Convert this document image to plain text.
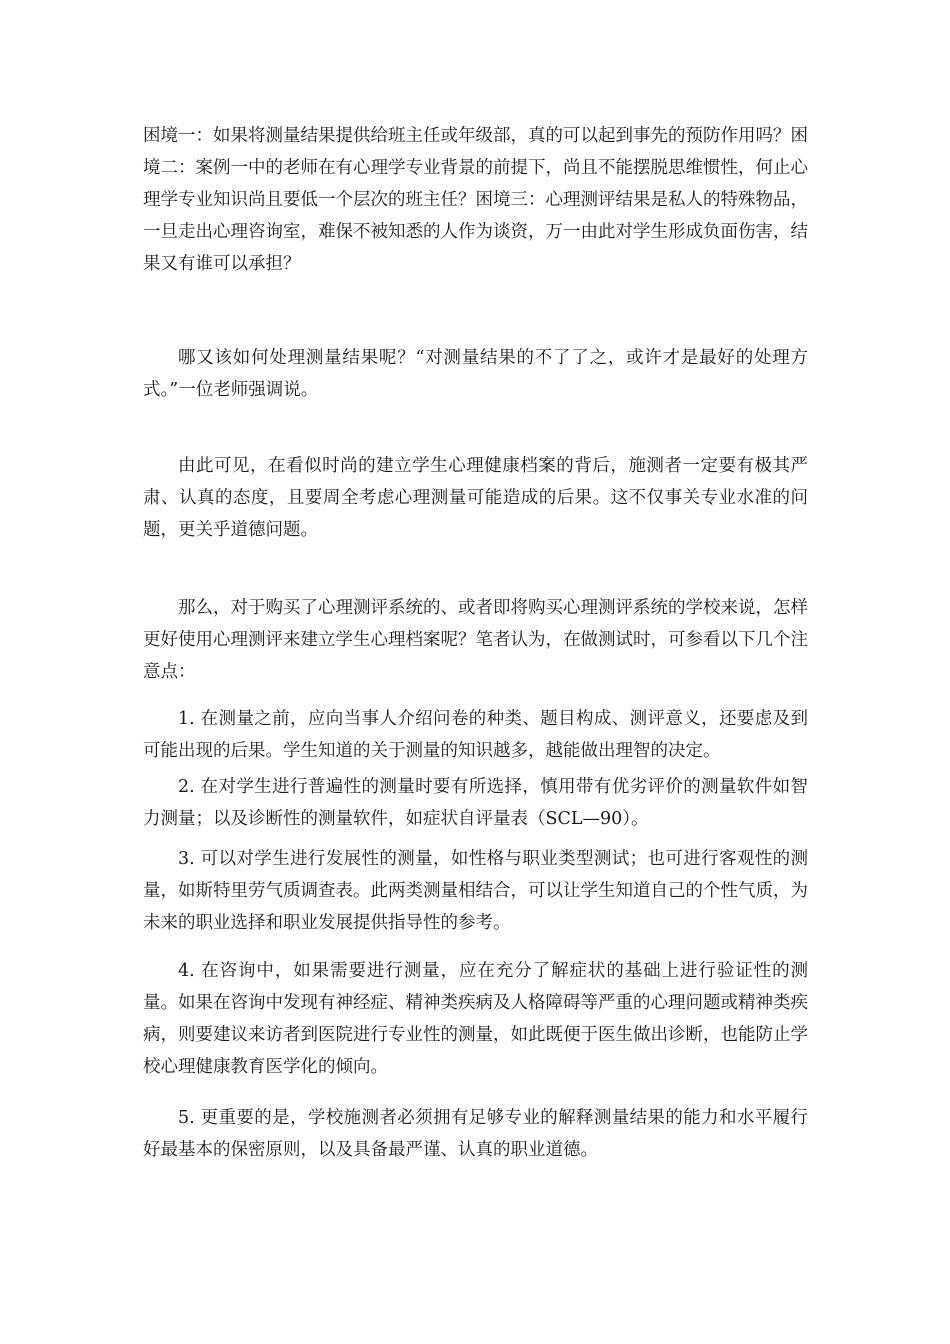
困境一：如果将测量结果提供给班主任或年级部，真的可以起到事先的预防作用吗？困境二：案例一中的老师在有心理学专业背景的前提下，尚且不能摆脱思维惯性，何止心理学专业知识尚且要低一个层次的班主任？困境三：心理测评结果是私人的特殊物品，一旦走出心理咨询室，难保不被知悉的人作为谈资，万一由此对学生形成负面伤害，结果又有谁可以承担？

哪又该如何处理测量结果呢？“对测量结果的不了了之，或许才是最好的处理方式。”一位老师强调说。

由此可见，在看似时尚的建立学生心理健康档案的背后，施测者一定要有极其严肃、认真的态度，且要周全考虑心理测量可能造成的后果。这不仅事关专业水准的问题，更关乎道德问题。

那么，对于购买了心理测评系统的、或者即将购买心理测评系统的学校来说，怎样更好使用心理测评来建立学生心理档案呢？笔者认为，在做测试时，可参看以下几个注意点：

1. 在测量之前，应向当事人介绍问卷的种类、题目构成、测评意义，还要虑及到可能出现的后果。学生知道的关于测量的知识越多，越能做出理智的决定。

2. 在对学生进行普遍性的测量时要有所选择，慎用带有优劣评价的测量软件如智力测量；以及诊断性的测量软件，如症状自评量表（SCL—90）。

3. 可以对学生进行发展性的测量，如性格与职业类型测试；也可进行客观性的测量，如斯特里劳气质调查表。此两类测量相结合，可以让学生知道自己的个性气质，为未来的职业选择和职业发展提供指导性的参考。

4. 在咨询中，如果需要进行测量，应在充分了解症状的基础上进行验证性的测量。如果在咨询中发现有神经症、精神类疾病及人格障碍等严重的心理问题或精神类疾病，则要建议来访者到医院进行专业性的测量，如此既便于医生做出诊断，也能防止学校心理健康教育医学化的倾向。

5. 更重要的是，学校施测者必须拥有足够专业的解释测量结果的能力和水平履行好最基本的保密原则，以及具备最严谨、认真的职业道德。
